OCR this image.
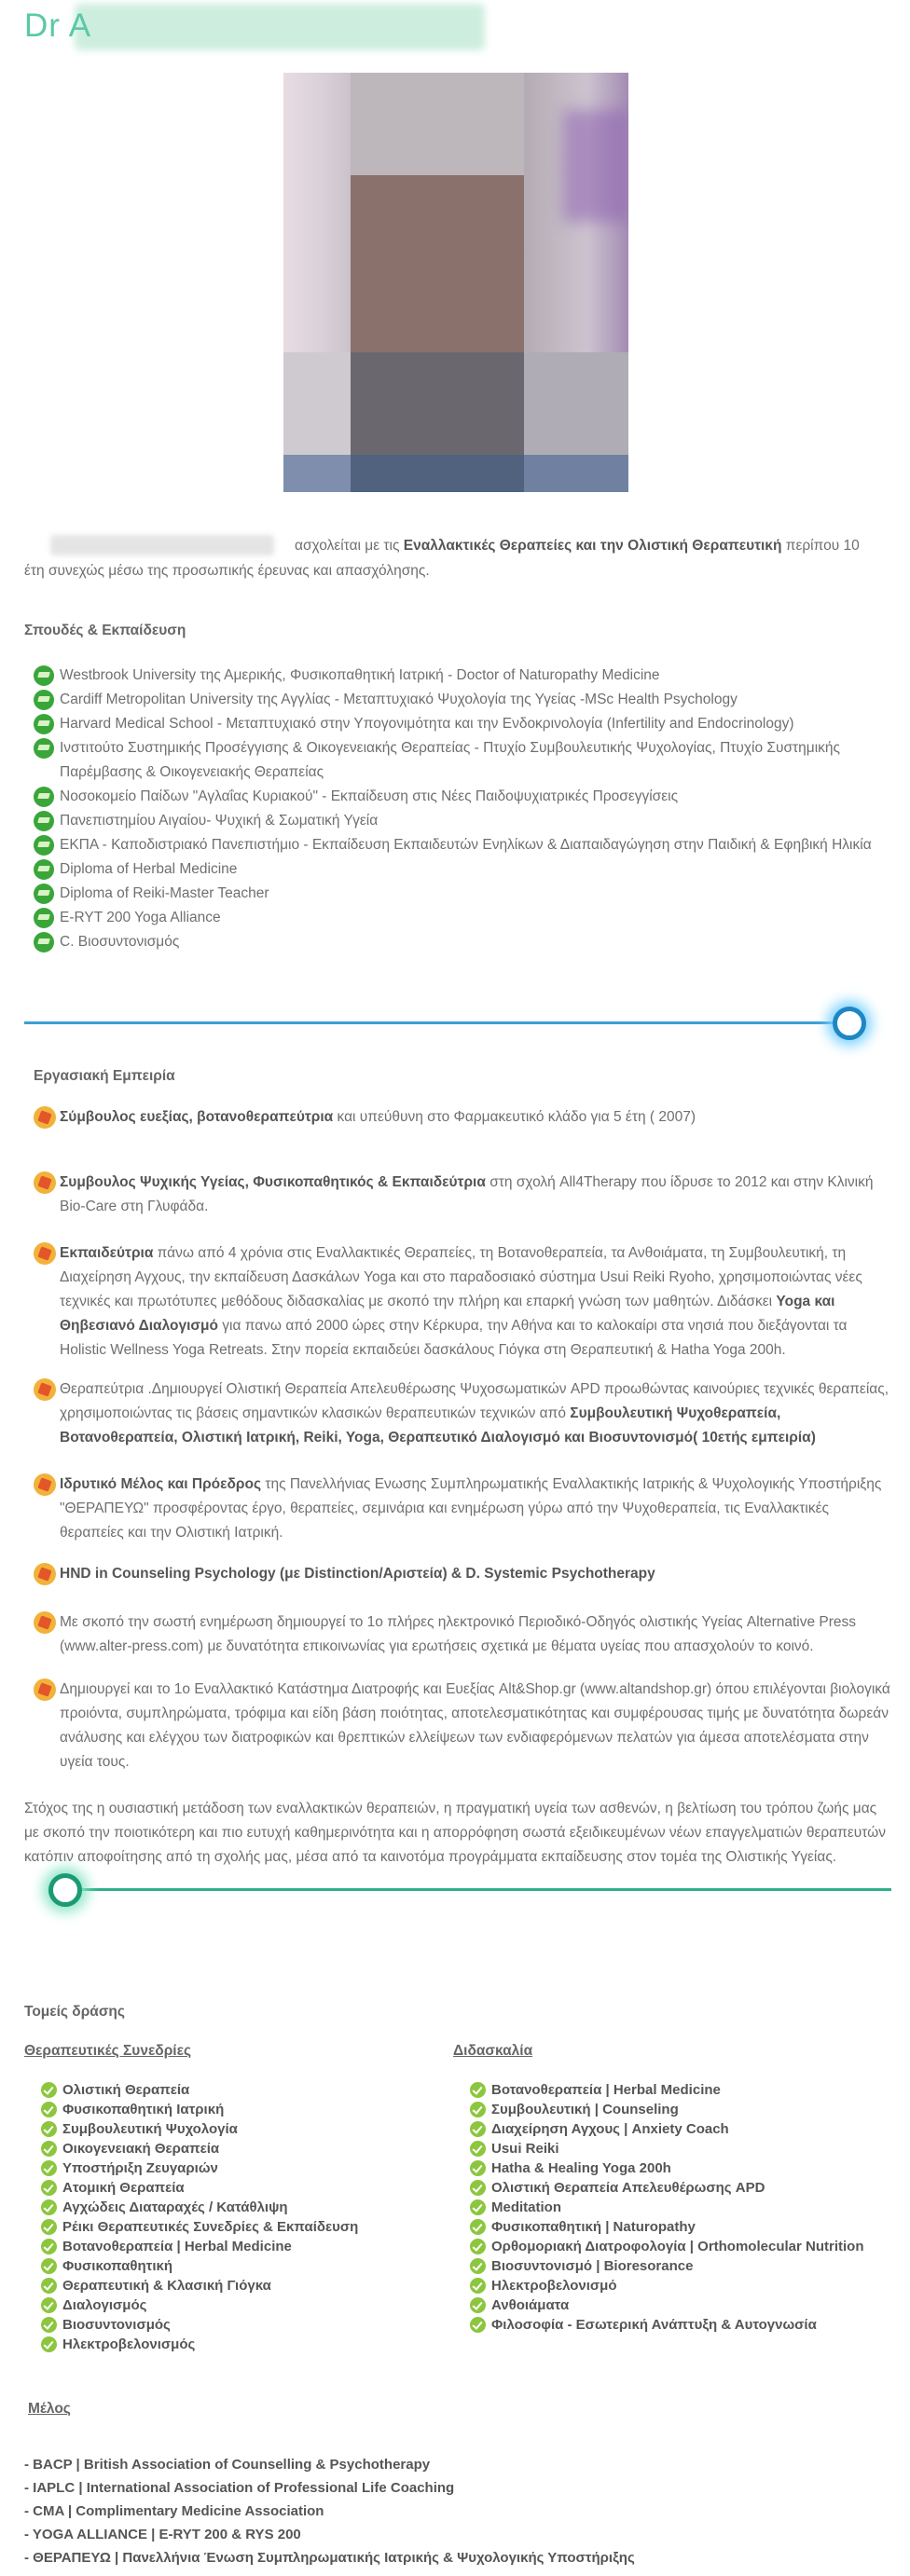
Dr A
ασχολείται με τις Εναλλακτικές Θεραπείες και την Ολιστική Θεραπευτική περίπου 10 έτη συνεχώς μέσω της προσωπικής έρευνας και απασχόλησης.
Σπουδές & Εκπαίδευση
Westbrook University της Αμερικής, Φυσικοπαθητική Ιατρική - Doctor of Naturopathy Medicine
Cardiff Metropolitan University της Αγγλίας - Μεταπτυχιακό Ψυχολογία της Υγείας -MSc Health Psychology
Harvard Medical School - Μεταπτυχιακό στην Υπογονιμότητα και την Ενδοκρινολογία (Infertility and Endocrinology)
Ινστιτούτο Συστημικής Προσέγγισης & Οικογενειακής Θεραπείας - Πτυχίο Συμβουλευτικής Ψυχολογίας, Πτυχίο Συστημικής Παρέμβασης & Οικογενειακής Θεραπείας
Νοσοκομείο Παίδων "Αγλαΐας Κυριακού" - Εκπαίδευση στις Νέες Παιδοψυχιατρικές Προσεγγίσεις
Πανεπιστημίου Αιγαίου- Ψυχική & Σωματική Υγεία
ΕΚΠΑ - Καποδιστριακό Πανεπιστήμιο - Εκπαίδευση Εκπαιδευτών Ενηλίκων & Διαπαιδαγώγηση στην Παιδική & Εφηβική Ηλικία
Diploma of Herbal Medicine
Diploma of Reiki-Master Teacher
E-RYT 200 Yoga Alliance
C. Βιοσυντονισμός
Εργασιακή Εμπειρία
Σύμβουλος ευεξίας, βοτανοθεραπεύτρια και υπεύθυνη στο Φαρμακευτικό κλάδο για 5 έτη ( 2007)
Συμβουλος Ψυχικής Υγείας, Φυσικοπαθητικός & Εκπαιδεύτρια στη σχολή All4Therapy που ίδρυσε το 2012 και στην Κλινική Bio-Care στη Γλυφάδα.
Εκπαιδεύτρια πάνω από 4 χρόνια στις Εναλλακτικές Θεραπείες, τη Βοτανοθεραπεία, τα Ανθοιάματα, τη Συμβουλευτική, τη Διαχείρηση Αγχους, την εκπαίδευση Δασκάλων Yoga και στο παραδοσιακό σύστημα Usui Reiki Ryoho, χρησιμοποιώντας νέες τεχνικές και πρωτότυπες μεθόδους διδασκαλίας με σκοπό την πλήρη και επαρκή γνώση των μαθητών. Διδάσκει Yoga και Θηβεσιανό Διαλογισμό για πανω από 2000 ώρες στην Κέρκυρα, την Αθήνα και το καλοκαίρι στα νησιά που διεξάγονται τα Holistic Wellness Yoga Retreats. Στην πορεία εκπαιδεύει δασκάλους Γιόγκα στη Θεραπευτική & Hatha Yoga 200h.
Θεραπεύτρια .Δημιουργεί Ολιστική Θεραπεία Απελευθέρωσης Ψυχοσωματικών APD προωθώντας καινούριες τεχνικές θεραπείας, χρησιμοποιώντας τις βάσεις σημαντικών κλασικών θεραπευτικών τεχνικών από Συμβουλευτική Ψυχοθεραπεία, Βοτανοθεραπεία, Ολιστική Ιατρική, Reiki, Yoga, Θεραπευτικό Διαλογισμό και Βιοσυντονισμό( 10ετής εμπειρία)
Ιδρυτικό Μέλος και Πρόεδρος της Πανελλήνιας Ενωσης Συμπληρωματικής Εναλλακτικής Ιατρικής & Ψυχολογικής Υποστήριξης "ΘΕΡΑΠΕΥΩ" προσφέροντας έργο, θεραπείες, σεμινάρια και ενημέρωση γύρω από την Ψυχοθεραπεία, τις Εναλλακτικές θεραπείες και την Ολιστική Ιατρική.
HND in Counseling Psychology (με Distinction/Αριστεία) & D. Systemic Psychotherapy
Με σκοπό την σωστή ενημέρωση δημιουργεί το 1ο πλήρες ηλεκτρονικό Περιοδικό-Οδηγός ολιστικής Υγείας Alternative Press (www.alter-press.com) με δυνατότητα επικοινωνίας για ερωτήσεις σχετικά με θέματα υγείας που απασχολούν το κοινό.
Δημιουργεί και το 1ο Εναλλακτικό Κατάστημα Διατροφής και Ευεξίας Alt&Shop.gr (www.altandshop.gr) όπου επιλέγονται βιολογικά προιόντα, συμπληρώματα, τρόφιμα και είδη βάση ποιότητας, αποτελεσματικότητας και συμφέρουσας τιμής με δυνατότητα δωρεάν ανάλυσης και ελέγχου των διατροφικών και θρεπτικών ελλείψεων των ενδιαφερόμενων πελατών για άμεσα αποτελέσματα στην υγεία τους.
Στόχος της η ουσιαστική μετάδοση των εναλλακτικών θεραπειών, η πραγματική υγεία των ασθενών, η βελτίωση του τρόπου ζωής μας με σκοπό την ποιοτικότερη και πιο ευτυχή καθημερινότητα και η απορρόφηση σωστά εξειδικευμένων νέων επαγγελματιών θεραπευτών κατόπιν αποφοίτησης από τη σχολής μας, μέσα από τα καινοτόμα προγράμματα εκπαίδευσης στον τομέα της Ολιστικής Υγείας.
Τομείς δράσης
Θεραπευτικές Συνεδρίες	Διδασκαλία
Ολιστική Θεραπεία
Φυσικοπαθητική Ιατρική
Συμβουλευτική Ψυχολογία
Οικογενειακή Θεραπεία
Υποστήριξη Ζευγαριών
Ατομική Θεραπεία
Αγχώδεις Διαταραχές / Κατάθλιψη
Ρέικι Θεραπευτικές Συνεδρίες & Εκπαίδευση
Βοτανοθεραπεία | Herbal Medicine
Φυσικοπαθητική
Θεραπευτική & Κλασική Γιόγκα
Διαλογισμός
Βιοσυντονισμός
Ηλεκτροβελονισμός
Βοτανοθεραπεία | Herbal Medicine
Συμβουλευτική | Counseling
Διαχείρηση Αγχους | Anxiety Coach
Usui Reiki
Hatha & Healing Yoga 200h
Ολιστική Θεραπεία Απελευθέρωσης APD
Meditation
Φυσικοπαθητική | Naturopathy
Ορθομοριακή Διατροφολογία | Orthomolecular Nutrition
Βιοσυντονισμό | Bioresorance
Ηλεκτροβελονισμό
Ανθοιάματα
Φιλοσοφία - Εσωτερική Ανάπτυξη & Αυτογνωσία
Μέλος
- BACP | British Association of Counselling & Psychotherapy
- IAPLC | International Association of Professional Life Coaching
- CMA | Complimentary Medicine Association
- YOGA ALLIANCE | E-RYT 200 & RYS 200
- ΘΕΡΑΠΕΥΩ | Πανελλήνια Ένωση Συμπληρωματικής Ιατρικής & Ψυχολογικής Υποστήριξης
